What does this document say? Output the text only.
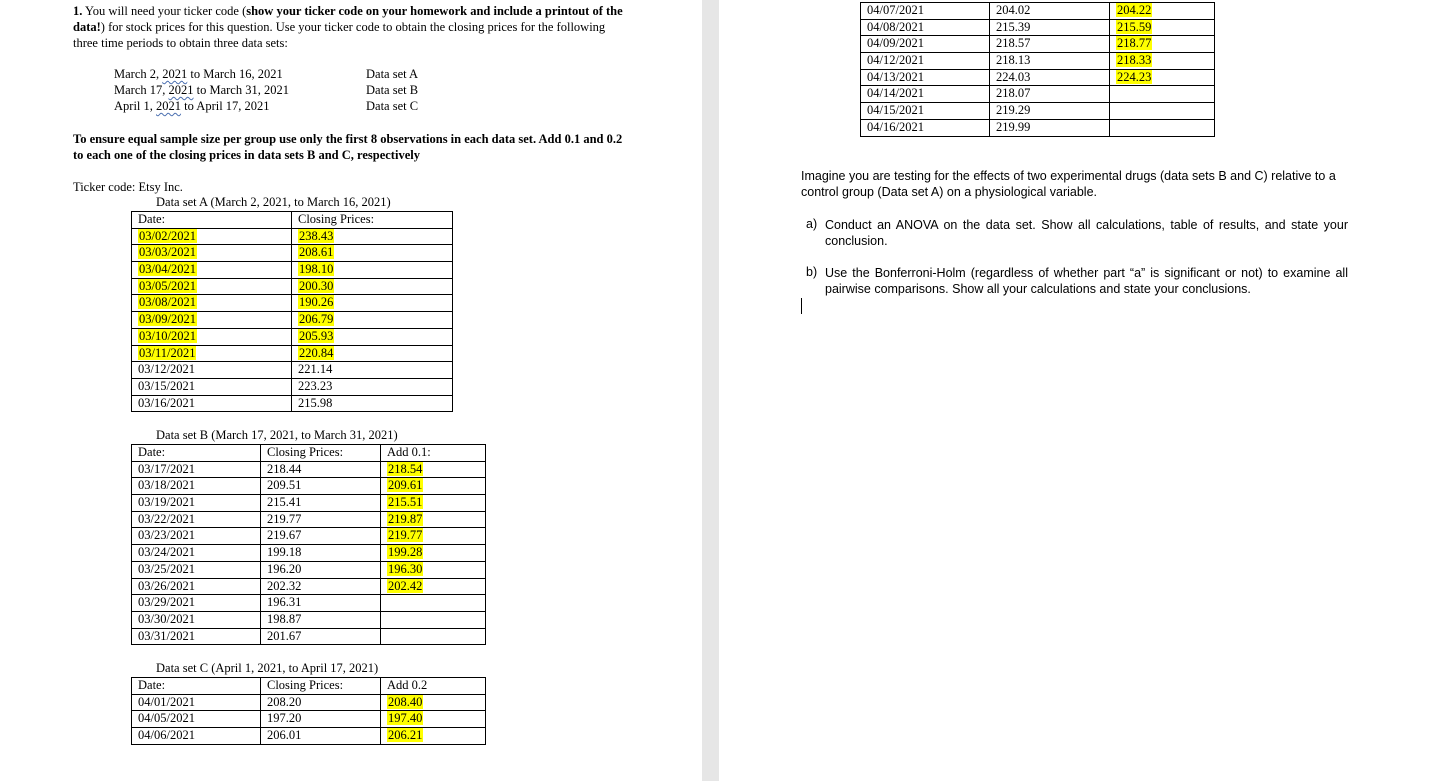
1. You will need your ticker code (show your ticker code on your homework and include a printout of the data!) for stock prices for this question. Use your ticker code to obtain the closing prices for the following three time periods to obtain three data sets:
March 2, 2021 to March 16, 2021	Data set A
March 17, 2021 to March 31, 2021	Data set B
April 1, 2021 to April 17, 2021	Data set C
To ensure equal sample size per group use only the first 8 observations in each data set. Add 0.1 and 0.2 to each one of the closing prices in data sets B and C, respectively
Ticker code: Etsy Inc.
Data set A (March 2, 2021, to March 16, 2021)
Date:	Closing Prices:
03/02/2021	238.43
03/03/2021	208.61
03/04/2021	198.10
03/05/2021	200.30
03/08/2021	190.26
03/09/2021	206.79
03/10/2021	205.93
03/11/2021	220.84
03/12/2021	221.14
03/15/2021	223.23
03/16/2021	215.98
Data set B (March 17, 2021, to March 31, 2021)
Date:	Closing Prices:	Add 0.1:
03/17/2021	218.44	218.54
03/18/2021	209.51	209.61
03/19/2021	215.41	215.51
03/22/2021	219.77	219.87
03/23/2021	219.67	219.77
03/24/2021	199.18	199.28
03/25/2021	196.20	196.30
03/26/2021	202.32	202.42
03/29/2021	196.31	
03/30/2021	198.87	
03/31/2021	201.67	
Data set C (April 1, 2021, to April 17, 2021)
Date:	Closing Prices:	Add 0.2
04/01/2021	208.20	208.40
04/05/2021	197.20	197.40
04/06/2021	206.01	206.21
04/07/2021	204.02	204.22
04/08/2021	215.39	215.59
04/09/2021	218.57	218.77
04/12/2021	218.13	218.33
04/13/2021	224.03	224.23
04/14/2021	218.07	
04/15/2021	219.29	
04/16/2021	219.99	
Imagine you are testing for the effects of two experimental drugs (data sets B and C) relative to a control group (Data set A) on a physiological variable.
a) Conduct an ANOVA on the data set. Show all calculations, table of results, and state your conclusion.
b) Use the Bonferroni-Holm (regardless of whether part “a” is significant or not) to examine all pairwise comparisons. Show all your calculations and state your conclusions.
